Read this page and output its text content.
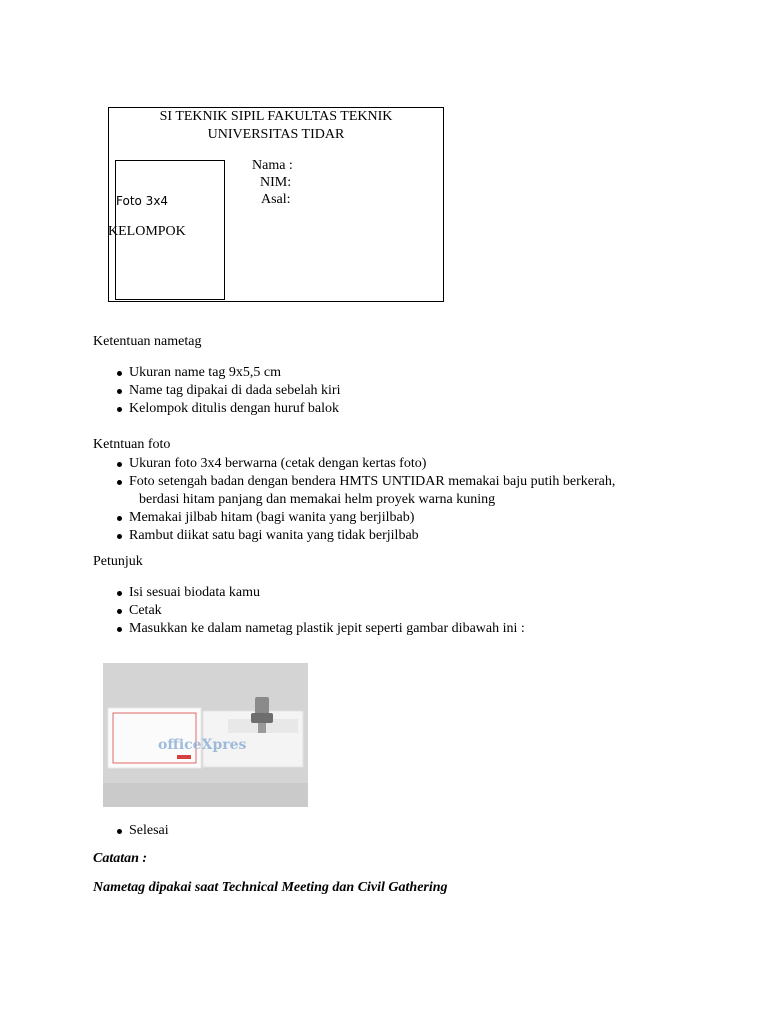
SI TEKNIK SIPIL FAKULTAS TEKNIK
UNIVERSITAS TIDAR
Foto 3x4
KELOMPOK
Nama :
NIM:
Asal:
Ketentuan nametag
Ukuran name tag 9x5,5 cm
Name tag dipakai di dada sebelah kiri
Kelompok ditulis dengan huruf balok
Ketntuan foto
Ukuran foto 3x4 berwarna (cetak dengan kertas foto)
Foto setengah badan dengan bendera HMTS UNTIDAR memakai baju putih berkerah,
berdasi hitam panjang dan memakai helm proyek warna kuning
Memakai jilbab hitam (bagi wanita yang berjilbab)
Rambut diikat satu bagi wanita yang tidak berjilbab
Petunjuk
Isi sesuai biodata kamu
Cetak
Masukkan ke dalam nametag plastik jepit seperti gambar dibawah ini :
officeXpres
Selesai
Catatan :
Nametag dipakai saat Technical Meeting dan Civil Gathering
